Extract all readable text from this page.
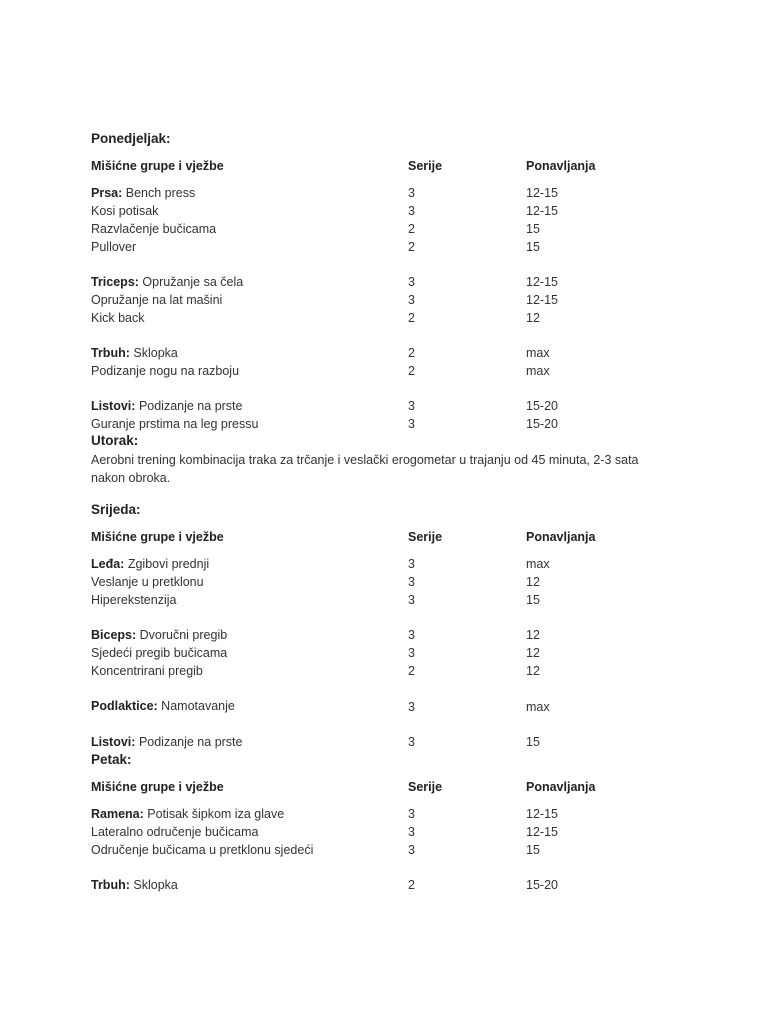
Ponedjeljak:
Mišićne grupe i vježbe	Serije	Ponavljanja
Prsa: Bench press	3	12-15
Kosi potisak	3	12-15
Razvlačenje bučicama	2	15
Pullover	2	15
Triceps: Opružanje sa čela	3	12-15
Opružanje na lat mašini	3	12-15
Kick back	2	12
Trbuh: Sklopka	2	max
Podizanje nogu na razboju	2	max
Listovi: Podizanje na prste	3	15-20
Guranje prstima na leg pressu	3	15-20
Utorak:
Aerobni trening kombinacija traka za trčanje i veslački erogometar u trajanju od 45 minuta, 2-3 sata nakon obroka.
Srijeda:
Mišićne grupe i vježbe	Serije	Ponavljanja
Leđa: Zgibovi prednji	3	max
Veslanje u pretklonu	3	12
Hiperekstenzija	3	15
Biceps: Dvoručni pregib	3	12
Sjedeći pregib bučicama	3	12
Koncentrirani pregib	2	12
Podlaktice: Namotavanje	3	max
Listovi: Podizanje na prste	3	15
Petak:
Mišićne grupe i vježbe	Serije	Ponavljanja
Ramena: Potisak šipkom iza glave	3	12-15
Lateralno odručenje bučicama	3	12-15
Odručenje bučicama u pretklonu sjedeći	3	15
Trbuh: Sklopka	2	15-20
